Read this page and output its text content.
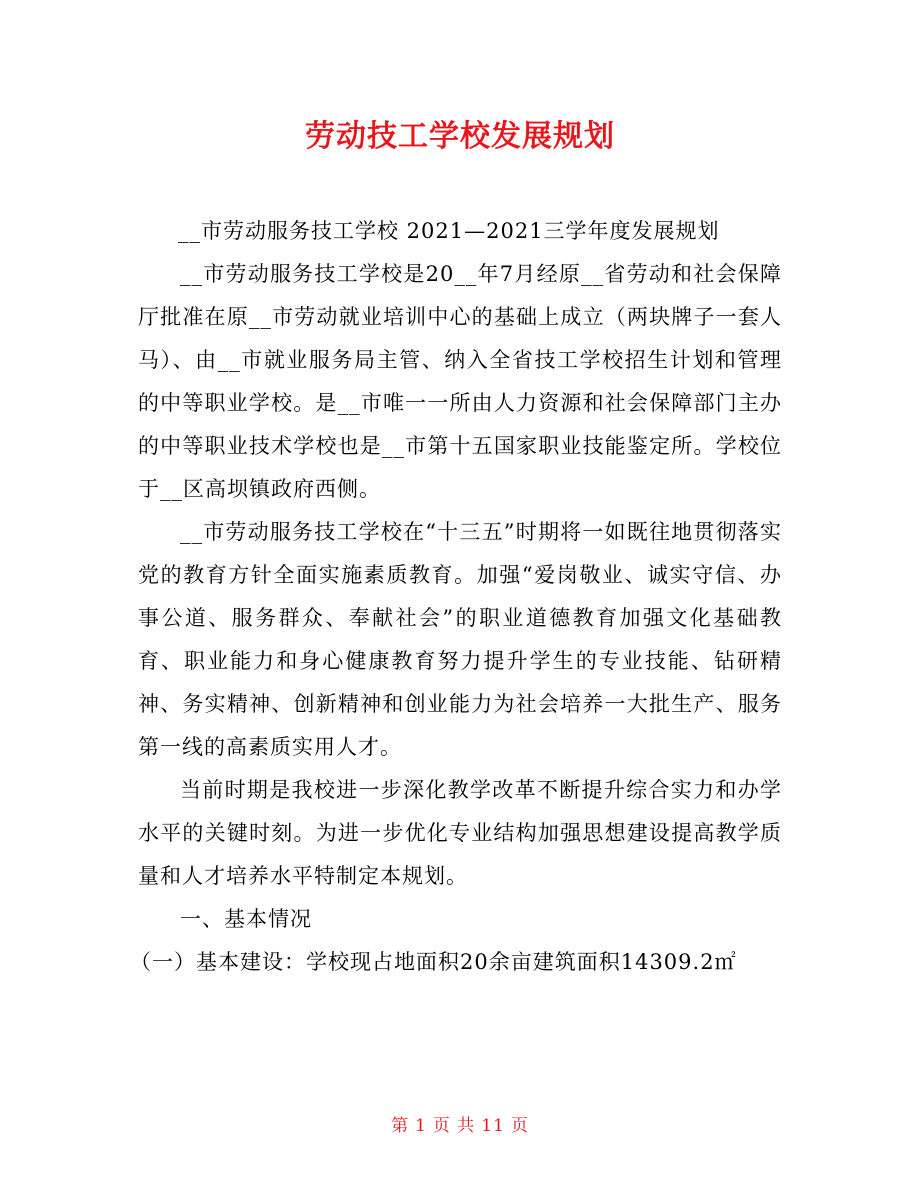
劳动技工学校发展规划

__市劳动服务技工学校 2021—2021三学年度发展规划

__市劳动服务技工学校是20__年7月经原__省劳动和社会保障厅批准在原__市劳动就业培训中心的基础上成立（两块牌子一套人马）、由__市就业服务局主管、纳入全省技工学校招生计划和管理的中等职业学校。是__市唯一一所由人力资源和社会保障部门主办的中等职业技术学校也是__市第十五国家职业技能鉴定所。学校位于__区高坝镇政府西侧。

__市劳动服务技工学校在“十三五”时期将一如既往地贯彻落实党的教育方针全面实施素质教育。加强“爱岗敬业、诚实守信、办事公道、服务群众、奉献社会”的职业道德教育加强文化基础教育、职业能力和身心健康教育努力提升学生的专业技能、钻研精神、务实精神、创新精神和创业能力为社会培养一大批生产、服务第一线的高素质实用人才。

当前时期是我校进一步深化教学改革不断提升综合实力和办学水平的关键时刻。为进一步优化专业结构加强思想建设提高教学质量和人才培养水平特制定本规划。

一、基本情况

（一）基本建设：学校现占地面积20余亩建筑面积14309.2㎡

第 1 页 共 11 页
